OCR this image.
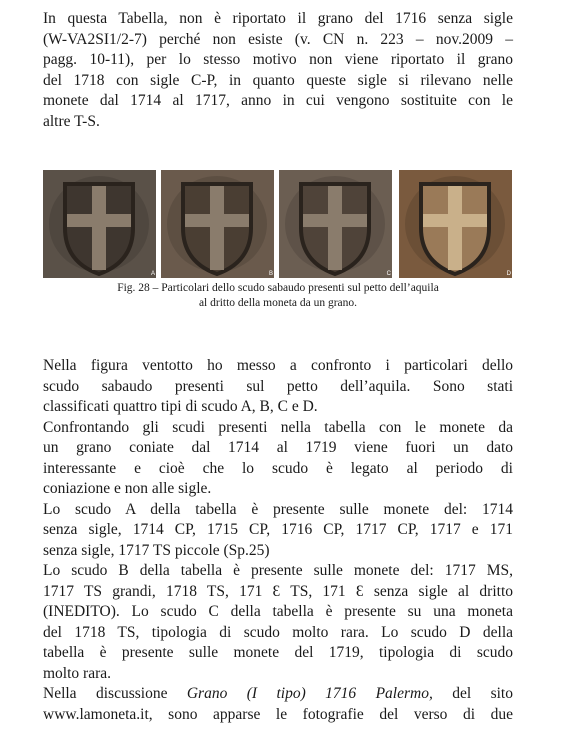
In questa Tabella, non è riportato il grano del 1716 senza sigle
(W-VA2SI1/2-7) perché non esiste (v. CN n. 223 – nov.2009 –
pagg. 10-11), per lo stesso motivo non viene riportato il grano
del 1718 con sigle C-P, in quanto queste sigle si rilevano nelle
monete dal 1714 al 1717, anno in cui vengono sostituite con le
altre T-S.

A	B	C	D
Fig. 28 – Particolari dello scudo sabaudo presenti sul petto dell’aquila
al dritto della moneta da un grano.

Nella figura ventotto ho messo a confronto i particolari dello
scudo sabaudo presenti sul petto dell’aquila. Sono stati
classificati quattro tipi di scudo A, B, C e D.
Confrontando gli scudi presenti nella tabella con le monete da
un grano coniate dal 1714 al 1719 viene fuori un dato
interessante e cioè che lo scudo è legato al periodo di
coniazione e non alle sigle.
Lo scudo A della tabella è presente sulle monete del: 1714
senza sigle, 1714 CP, 1715 CP, 1716 CP, 1717 CP, 1717 e 171
senza sigle, 1717 TS piccole (Sp.25)
Lo scudo B della tabella è presente sulle monete del: 1717 MS,
1717 TS grandi, 1718 TS, 171 Ɛ TS, 171 Ɛ senza sigle al dritto
(INEDITO). Lo scudo C della tabella è presente su una moneta
del 1718 TS, tipologia di scudo molto rara. Lo scudo D della
tabella è presente sulle monete del 1719, tipologia di scudo
molto rara.

Nella discussione Grano (I tipo) 1716 Palermo, del sito
www.lamoneta.it, sono apparse le fotografie del verso di due
